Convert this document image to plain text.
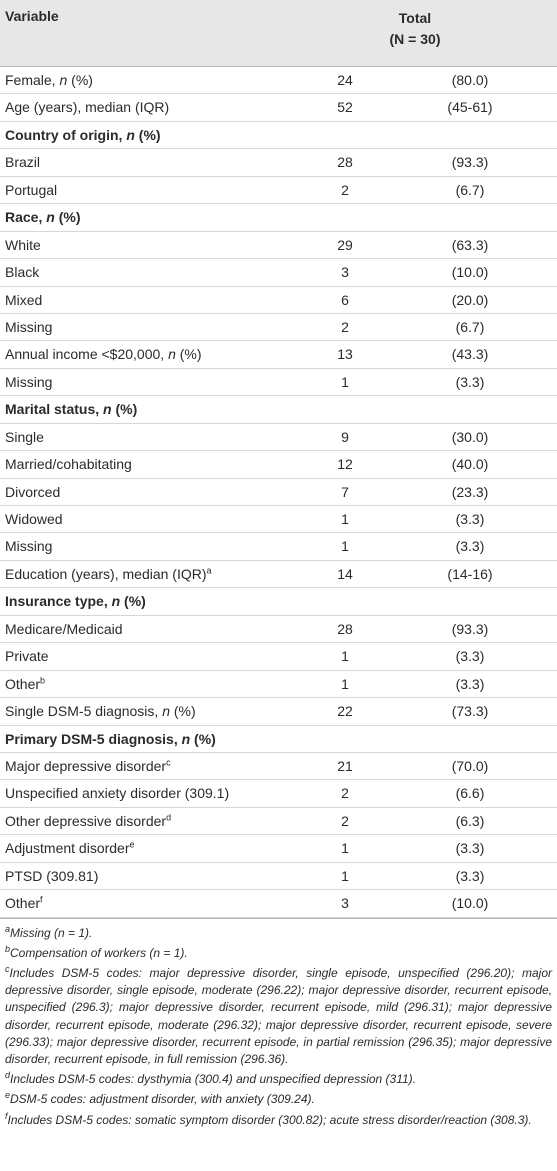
Variable	Total
(N = 30)
Female, n (%)	24	(80.0)
Age (years), median (IQR)	52	(45-61)
Country of origin, n (%)
Brazil	28	(93.3)
Portugal	2	(6.7)
Race, n (%)
White	29	(63.3)
Black	3	(10.0)
Mixed	6	(20.0)
Missing	2	(6.7)
Annual income <$20,000, n (%)	13	(43.3)
Missing	1	(3.3)
Marital status, n (%)
Single	9	(30.0)
Married/cohabitating	12	(40.0)
Divorced	7	(23.3)
Widowed	1	(3.3)
Missing	1	(3.3)
Education (years), median (IQR)$^a$	14	(14-16)
Insurance type, n (%)
Medicare/Medicaid	28	(93.3)
Private	1	(3.3)
Other$^b$	1	(3.3)
Single DSM-5 diagnosis, n (%)	22	(73.3)
Primary DSM-5 diagnosis, n (%)
Major depressive disorder$^c$	21	(70.0)
Unspecified anxiety disorder (309.1)	2	(6.6)
Other depressive disorder$^d$	2	(6.3)
Adjustment disorder$^e$	1	(3.3)
PTSD (309.81)	1	(3.3)
Other$^f$	3	(10.0)
$^a$Missing (n = 1).
$^b$Compensation of workers (n = 1).
$^c$Includes DSM-5 codes: major depressive disorder, single episode, unspecified (296.20); major depressive disorder, single episode, moderate (296.22); major depressive disorder, recurrent episode, unspecified (296.3); major depressive disorder, recurrent episode, mild (296.31); major depressive disorder, recurrent episode, moderate (296.32); major depressive disorder, recurrent episode, severe (296.33); major depressive disorder, recurrent episode, in partial remission (296.35); major depressive disorder, recurrent episode, in full remission (296.36).
$^d$Includes DSM-5 codes: dysthymia (300.4) and unspecified depression (311).
$^e$DSM-5 codes: adjustment disorder, with anxiety (309.24).
$^f$Includes DSM-5 codes: somatic symptom disorder (300.82); acute stress disorder/reaction (308.3).
